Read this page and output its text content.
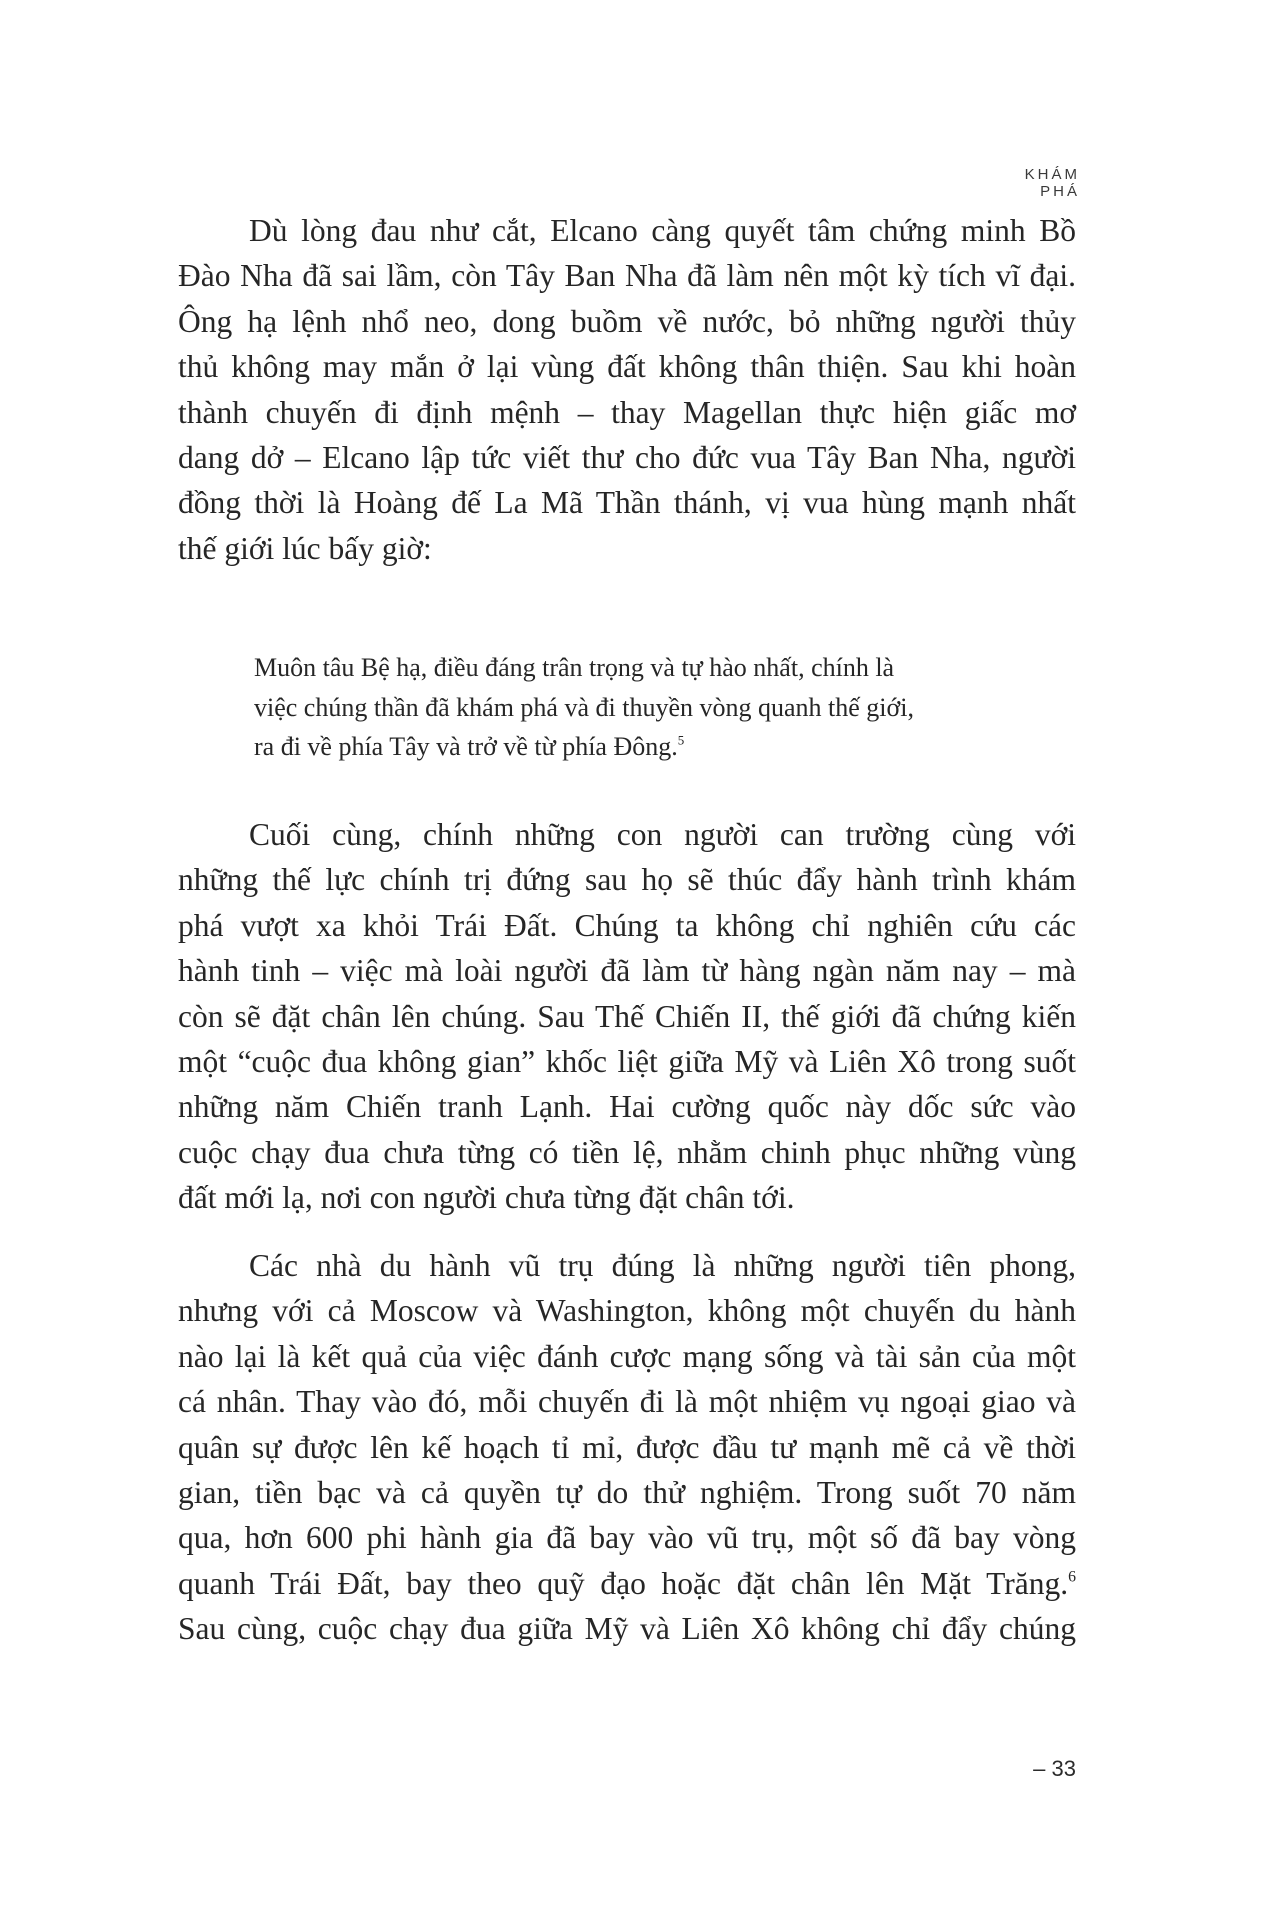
KHÁM PHÁ
Dù lòng đau như cắt, Elcano càng quyết tâm chứng minh Bồ
Đào Nha đã sai lầm, còn Tây Ban Nha đã làm nên một kỳ tích vĩ đại.
Ông hạ lệnh nhổ neo, dong buồm về nước, bỏ những người thủy
thủ không may mắn ở lại vùng đất không thân thiện. Sau khi hoàn
thành chuyến đi định mệnh – thay Magellan thực hiện giấc mơ
dang dở – Elcano lập tức viết thư cho đức vua Tây Ban Nha, người
đồng thời là Hoàng đế La Mã Thần thánh, vị vua hùng mạnh nhất
thế giới lúc bấy giờ:
Muôn tâu Bệ hạ, điều đáng trân trọng và tự hào nhất, chính là
việc chúng thần đã khám phá và đi thuyền vòng quanh thế giới,
ra đi về phía Tây và trở về từ phía Đông.$^5$
Cuối cùng, chính những con người can trường cùng với
những thế lực chính trị đứng sau họ sẽ thúc đẩy hành trình khám
phá vượt xa khỏi Trái Đất. Chúng ta không chỉ nghiên cứu các
hành tinh – việc mà loài người đã làm từ hàng ngàn năm nay – mà
còn sẽ đặt chân lên chúng. Sau Thế Chiến II, thế giới đã chứng kiến
một “cuộc đua không gian” khốc liệt giữa Mỹ và Liên Xô trong suốt
những năm Chiến tranh Lạnh. Hai cường quốc này dốc sức vào
cuộc chạy đua chưa từng có tiền lệ, nhằm chinh phục những vùng
đất mới lạ, nơi con người chưa từng đặt chân tới.
Các nhà du hành vũ trụ đúng là những người tiên phong,
nhưng với cả Moscow và Washington, không một chuyến du hành
nào lại là kết quả của việc đánh cược mạng sống và tài sản của một
cá nhân. Thay vào đó, mỗi chuyến đi là một nhiệm vụ ngoại giao và
quân sự được lên kế hoạch tỉ mỉ, được đầu tư mạnh mẽ cả về thời
gian, tiền bạc và cả quyền tự do thử nghiệm. Trong suốt 70 năm
qua, hơn 600 phi hành gia đã bay vào vũ trụ, một số đã bay vòng
quanh Trái Đất, bay theo quỹ đạo hoặc đặt chân lên Mặt Trăng.$^6$
Sau cùng, cuộc chạy đua giữa Mỹ và Liên Xô không chỉ đẩy chúng
– 33
